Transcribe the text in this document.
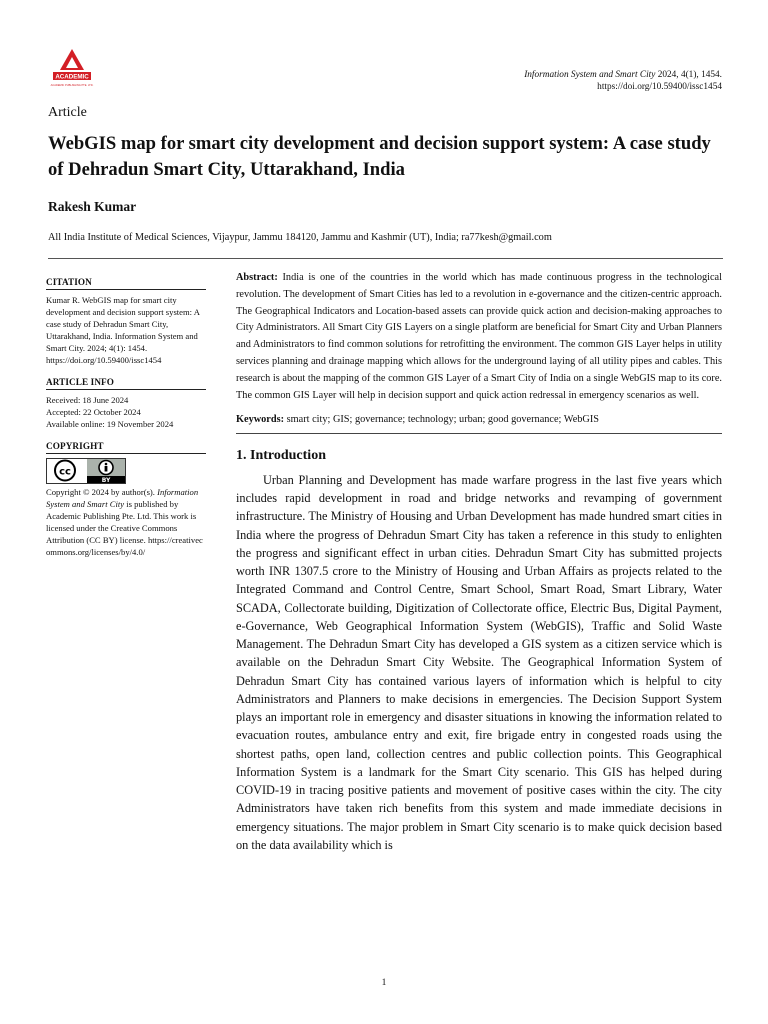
ACADEMIC
ACADEMIC PUBLISHING PTE. LTD.
Information System and Smart City 2024, 4(1), 1454.
https://doi.org/10.59400/issc1454
Article
WebGIS map for smart city development and decision support system: A case study of Dehradun Smart City, Uttarakhand, India
Rakesh Kumar
All India Institute of Medical Sciences, Vijaypur, Jammu 184120, Jammu and Kashmir (UT), India; ra77kesh@gmail.com
CITATION

Kumar R. WebGIS map for smart city development and decision support system: A case study of Dehradun Smart City, Uttarakhand, India. Information System and Smart City. 2024; 4(1): 1454. https://doi.org/10.59400/issc1454

ARTICLE INFO
Received: 18 June 2024
Accepted: 22 October 2024
Available online: 19 November 2024
COPYRIGHT
cc
BY

Copyright © 2024 by author(s). Information System and Smart City is published by Academic Publishing Pte. Ltd. This work is licensed under the Creative Commons Attribution (CC BY) license. https://creativecommons.org/licenses/by/4.0/

Abstract: India is one of the countries in the world which has made continuous progress in the technological revolution. The development of Smart Cities has led to a revolution in e-governance and the citizen-centric approach. The Geographical Indicators and Location-based assets can provide quick action and decision-making approaches to City Administrators. All Smart City GIS Layers on a single platform are beneficial for Smart City and Urban Planners and Administrators to find common solutions for retrofitting the environment. The common GIS Layer helps in utility services planning and drainage mapping which allows for the underground laying of all utility pipes and cables. This research is about the mapping of the common GIS Layer of a Smart City of India on a single WebGIS map to its core. The common GIS Layer will help in decision support and quick action redressal in emergency scenarios as well.

Keywords: smart city; GIS; governance; technology; urban; good governance; WebGIS

1. Introduction

Urban Planning and Development has made warfare progress in the last five years which includes rapid development in road and bridge networks and revamping of government infrastructure. The Ministry of Housing and Urban Development has made hundred smart cities in India where the progress of Dehradun Smart City has taken a reference in this study to enlighten the progress and significant effect in urban cities. Dehradun Smart City has submitted projects worth INR 1307.5 crore to the Ministry of Housing and Urban Affairs as projects related to the Integrated Command and Control Centre, Smart School, Smart Road, Smart Library, Water SCADA, Collectorate building, Digitization of Collectorate office, Electric Bus, Digital Payment, e-Governance, Web Geographical Information System (WebGIS), Traffic and Solid Waste Management. The Dehradun Smart City has developed a GIS system as a citizen service which is available on the Dehradun Smart City Website. The Geographical Information System of Dehradun Smart City has contained various layers of information which is helpful to city Administrators and Planners to make decisions in emergencies. The Decision Support System plays an important role in emergency and disaster situations in knowing the information related to evacuation routes, ambulance entry and exit, fire brigade entry in congested roads using the shortest paths, open land, collection centres and public collection points. This Geographical Information System is a landmark for the Smart City scenario. This GIS has helped during COVID-19 in tracing positive patients and movement of positive cases within the city. The city Administrators have taken rich benefits from this system and made immediate decisions in emergency situations. The major problem in Smart City scenario is to make quick decision based on the data availability which is

1
